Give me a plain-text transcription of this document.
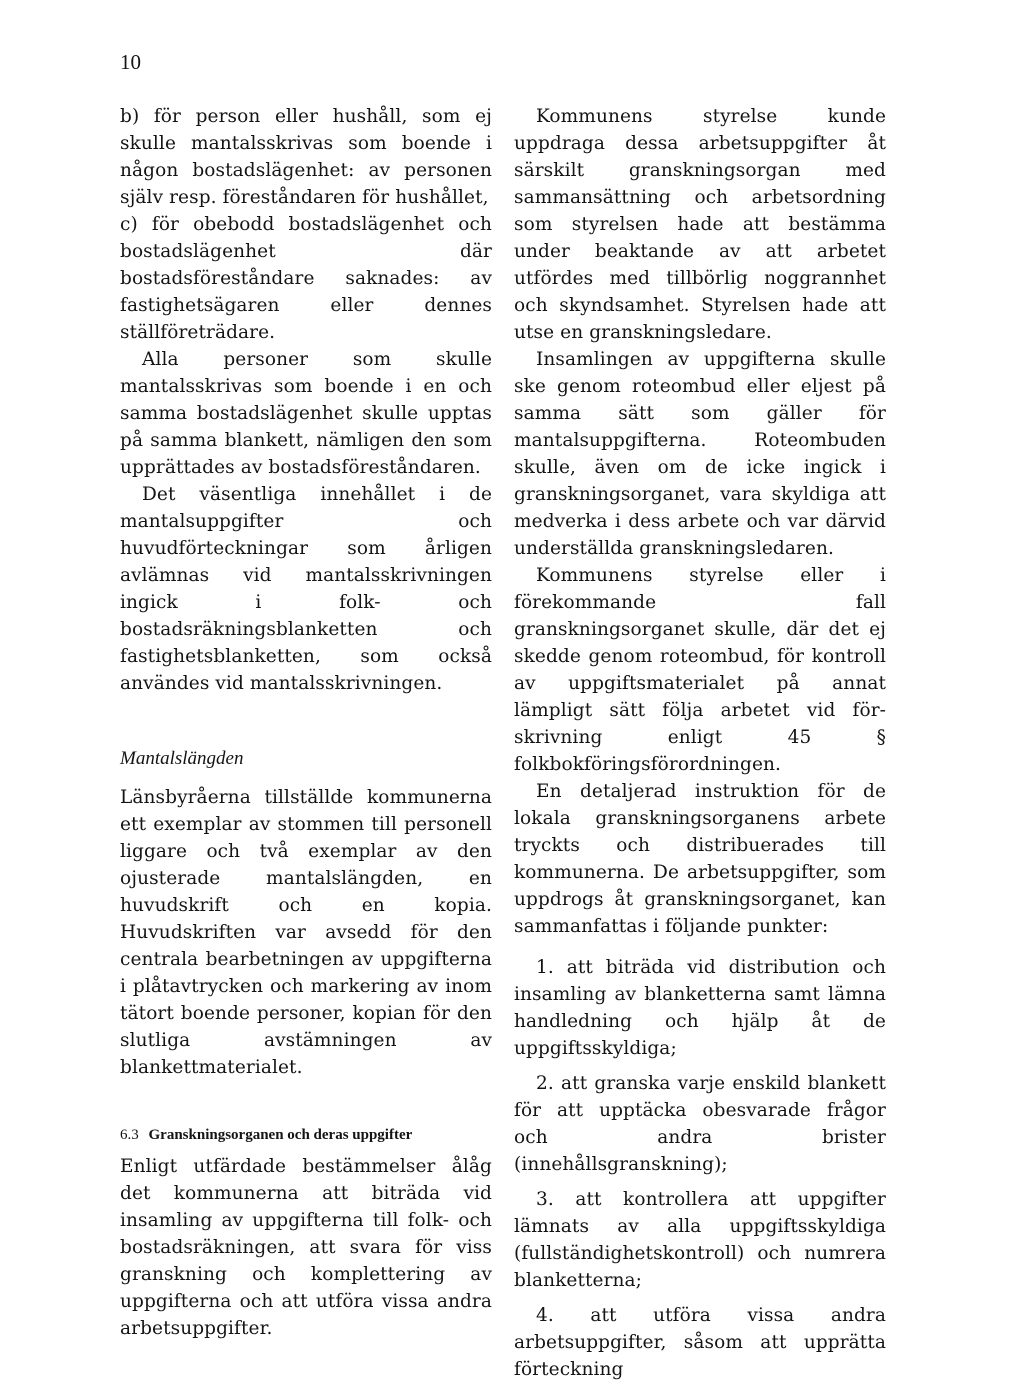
10

b) för person eller hushåll, som ej skulle mantalsskrivas som boende i någon bostadslägenhet: av personen själv resp. föreståndaren för hushållet,

c) för obebodd bostadslägenhet och bostadslägenhet där bostadsföreståndare saknades: av fastighetsägaren eller dennes ställföreträdare.

Alla personer som skulle mantalsskrivas som boende i en och samma bostadslägenhet skulle upptas på samma blankett, nämligen den som upprättades av bostadsföreståndaren.

Det väsentliga innehållet i de mantalsuppgifter och huvudförteckningar som årligen avlämnas vid mantalsskrivningen ingick i folk- och bostadsräkningsblanketten och fastighetsblanketten, som också användes vid mantalsskrivningen.

Mantalslängden

Länsbyråerna tillställde kommunerna ett exemplar av stommen till personell liggare och två exemplar av den ojusterade mantalslängden, en huvudskrift och en kopia. Huvudskriften var avsedd för den centrala bearbetningen av uppgifterna i plåtavtrycken och markering av inom tätort boende personer, kopian för den slutliga avstämningen av blankettmaterialet.

6.3 Granskningsorganen och deras uppgifter

Enligt utfärdade bestämmelser ålåg det kommunerna att biträda vid insamling av uppgifterna till folk- och bostadsräkningen, att svara för viss granskning och komplettering av uppgifterna och att utföra vissa andra arbetsuppgifter.

Kommunens styrelse kunde uppdraga dessa arbetsuppgifter åt särskilt granskningsorgan med sammansättning och arbetsordning som styrelsen hade att bestämma under beaktande av att arbetet utfördes med tillbörlig noggrannhet och skyndsamhet. Styrelsen hade att utse en granskningsledare.

Insamlingen av uppgifterna skulle ske genom roteombud eller eljest på samma sätt som gäller för mantalsuppgifterna. Roteombuden skulle, även om de icke ingick i granskningsorganet, vara skyldiga att medverka i dess arbete och var därvid underställda granskningsledaren.

Kommunens styrelse eller i förekommande fall granskningsorganet skulle, där det ej skedde genom roteombud, för kontroll av uppgiftsmaterialet på annat lämpligt sätt följa arbetet vid för-skrivning enligt 45 § folkbokföringsförordningen.

En detaljerad instruktion för de lokala granskningsorganens arbete tryckts och distribuerades till kommunerna. De arbetsuppgifter, som uppdrogs åt granskningsorganet, kan sammanfattas i följande punkter:

1. att biträda vid distribution och insamling av blanketterna samt lämna handledning och hjälp åt de uppgiftsskyldiga;

2. att granska varje enskild blankett för att upptäcka obesvarade frågor och andra brister (innehållsgranskning);

3. att kontrollera att uppgifter lämnats av alla uppgiftsskyldiga (fullständighetskontroll) och numrera blanketterna;

4. att utföra vissa andra arbetsuppgifter, såsom att upprätta förteckning
